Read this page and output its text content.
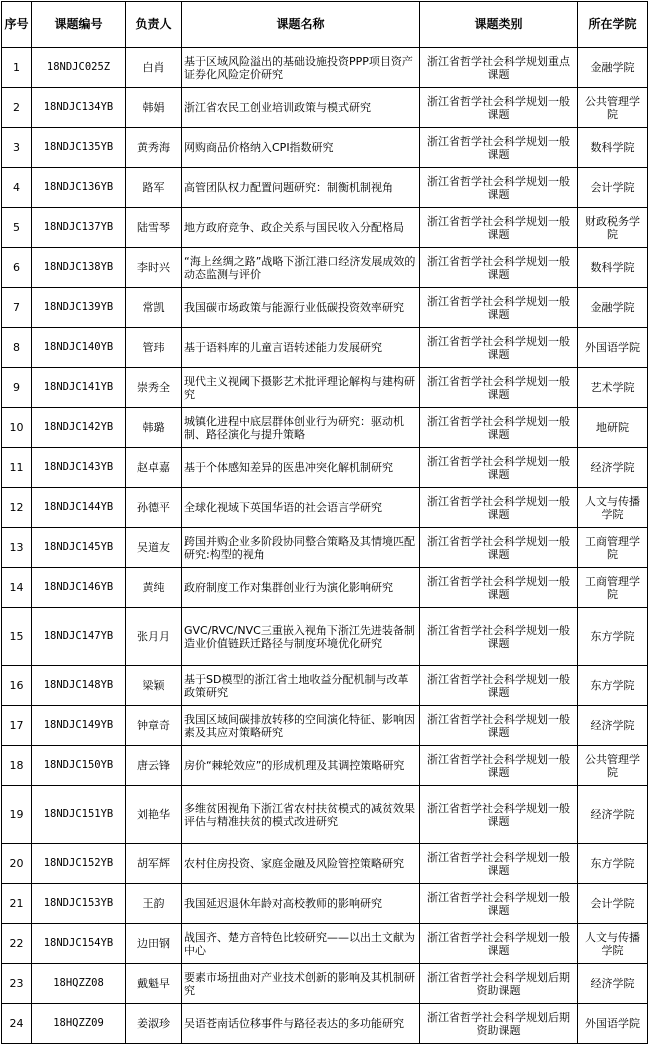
序号	课题编号	负责人	课题名称	课题类别	所在学院
1	18NDJC025Z	白肖	基于区域风险溢出的基础设施投资PPP项目资产证券化风险定价研究	浙江省哲学社会科学规划重点课题	金融学院
2	18NDJC134YB	韩娟	浙江省农民工创业培训政策与模式研究	浙江省哲学社会科学规划一般课题	公共管理学院
3	18NDJC135YB	黄秀海	网购商品价格纳入CPI指数研究	浙江省哲学社会科学规划一般课题	数科学院
4	18NDJC136YB	路军	高管团队权力配置问题研究：制衡机制视角	浙江省哲学社会科学规划一般课题	会计学院
5	18NDJC137YB	陆雪琴	地方政府竞争、政企关系与国民收入分配格局	浙江省哲学社会科学规划一般课题	财政税务学院
6	18NDJC138YB	李时兴	“海上丝绸之路”战略下浙江港口经济发展成效的动态监测与评价	浙江省哲学社会科学规划一般课题	数科学院
7	18NDJC139YB	常凯	我国碳市场政策与能源行业低碳投资效率研究	浙江省哲学社会科学规划一般课题	金融学院
8	18NDJC140YB	管玮	基于语料库的儿童言语转述能力发展研究	浙江省哲学社会科学规划一般课题	外国语学院
9	18NDJC141YB	崇秀全	现代主义视阈下摄影艺术批评理论解构与建构研究	浙江省哲学社会科学规划一般课题	艺术学院
10	18NDJC142YB	韩璐	城镇化进程中底层群体创业行为研究：驱动机制、路径演化与提升策略	浙江省哲学社会科学规划一般课题	地研院
11	18NDJC143YB	赵卓嘉	基于个体感知差异的医患冲突化解机制研究	浙江省哲学社会科学规划一般课题	经济学院
12	18NDJC144YB	孙德平	全球化视域下英国华语的社会语言学研究	浙江省哲学社会科学规划一般课题	人文与传播学院
13	18NDJC145YB	吴道友	跨国并购企业多阶段协同整合策略及其情境匹配研究:构型的视角	浙江省哲学社会科学规划一般课题	工商管理学院
14	18NDJC146YB	黄纯	政府制度工作对集群创业行为演化影响研究	浙江省哲学社会科学规划一般课题	工商管理学院
15	18NDJC147YB	张月月	GVC/RVC/NVC三重嵌入视角下浙江先进装备制造业价值链跃迁路径与制度环境优化研究	浙江省哲学社会科学规划一般课题	东方学院
16	18NDJC148YB	梁颖	基于SD模型的浙江省土地收益分配机制与改革政策研究	浙江省哲学社会科学规划一般课题	东方学院
17	18NDJC149YB	钟章奇	我国区域间碳排放转移的空间演化特征、影响因素及其应对策略研究	浙江省哲学社会科学规划一般课题	经济学院
18	18NDJC150YB	唐云锋	房价“棘轮效应”的形成机理及其调控策略研究	浙江省哲学社会科学规划一般课题	公共管理学院
19	18NDJC151YB	刘艳华	多维贫困视角下浙江省农村扶贫模式的减贫效果评估与精准扶贫的模式改进研究	浙江省哲学社会科学规划一般课题	经济学院
20	18NDJC152YB	胡军辉	农村住房投资、家庭金融及风险管控策略研究	浙江省哲学社会科学规划一般课题	东方学院
21	18NDJC153YB	王韵	我国延迟退休年龄对高校教师的影响研究	浙江省哲学社会科学规划一般课题	会计学院
22	18NDJC154YB	边田钢	战国齐、楚方音特色比较研究——以出土文献为中心	浙江省哲学社会科学规划一般课题	人文与传播学院
23	18HQZZ08	戴魁早	要素市场扭曲对产业技术创新的影响及其机制研究	浙江省哲学社会科学规划后期资助课题	经济学院
24	18HQZZ09	姜淑珍	吴语苍南话位移事件与路径表达的多功能研究	浙江省哲学社会科学规划后期资助课题	外国语学院
